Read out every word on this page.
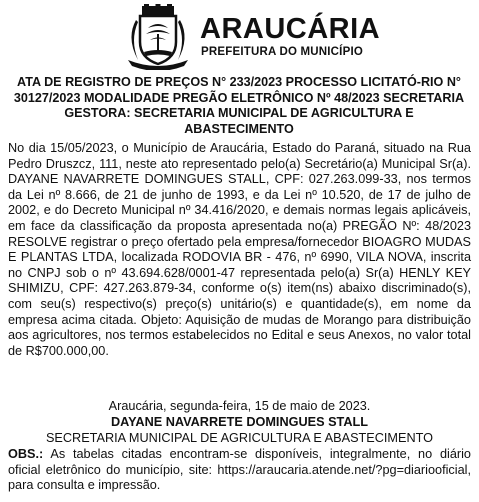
ARAUCÁRIA
PREFEITURA DO MUNICÍPIO
ATA DE REGISTRO DE PREÇOS N° 233/2023 PROCESSO LICITATÓ-RIO N° 30127/2023 MODALIDADE PREGÃO ELETRÔNICO Nº 48/2023 SECRETARIA GESTORA: SECRETARIA MUNICIPAL DE AGRICULTURA E ABASTECIMENTO
No dia 15/05/2023, o Município de Araucária, Estado do Paraná, situado na Rua Pedro Druszcz, 111, neste ato representado pelo(a) Secretário(a) Municipal Sr(a). DAYANE NAVARRETE DOMINGUES STALL, CPF: 027.263.099-33, nos termos da Lei nº 8.666, de 21 de junho de 1993, e da Lei nº 10.520, de 17 de julho de 2002, e do Decreto Municipal nº 34.416/2020, e demais normas legais aplicáveis, em face da classificação da proposta apresentada no(a) PREGÃO Nº: 48/2023 RESOLVE registrar o preço ofertado pela empresa/fornecedor BIOAGRO MUDAS E PLANTAS LTDA, localizada RODOVIA BR - 476, nº 6990, VILA NOVA, inscrita no CNPJ sob o nº 43.694.628/0001-47 representada pelo(a) Sr(a) HENLY KEY SHIMIZU, CPF: 427.263.879-34, conforme o(s) item(ns) abaixo discriminado(s), com seu(s) respectivo(s) preço(s) unitário(s) e quantidade(s), em nome da empresa acima citada. Objeto: Aquisição de mudas de Morango para distribuição aos agricultores, nos termos estabelecidos no Edital e seus Anexos, no valor total de R$700.000,00.
Araucária, segunda-feira, 15 de maio de 2023.
DAYANE NAVARRETE DOMINGUES STALL
SECRETARIA MUNICIPAL DE AGRICULTURA E ABASTECIMENTO
OBS.: As tabelas citadas encontram-se disponíveis, integralmente, no diário oficial eletrônico do município, site: https://araucaria.atende.net/?pg=diariooficial, para consulta e impressão.
